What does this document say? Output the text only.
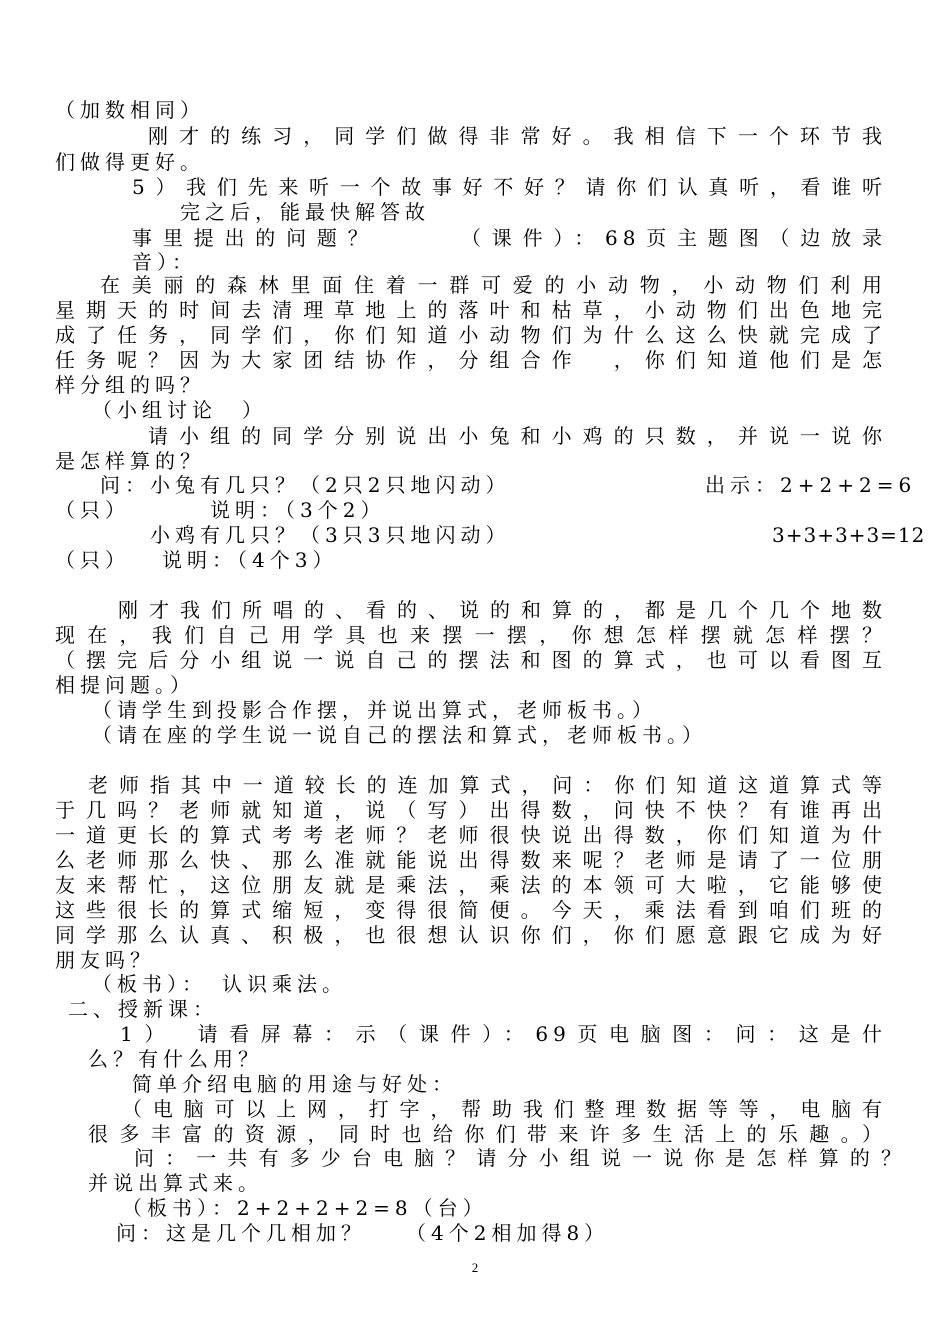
（加数相同）
刚才的练习，同学们做得非常好。我相信下一个环节我
们做得更好。
5）我们先来听一个故事好不好？请你们认真听，看谁听
完之后，能最快解答故
事里提出的问题？　　　（课件）：68页主题图（边放录
音）：
在美丽的森林里面住着一群可爱的小动物，小动物们利用
星期天的时间去清理草地上的落叶和枯草，小动物们出色地完
成了任务，同学们，你们知道小动物们为什么这么快就完成了
任务呢？因为大家团结协作，分组合作　，你们知道他们是怎
样分组的吗？
（小组讨论　）
请小组的同学分别说出小兔和小鸡的只数，并说一说你
是怎样算的？
问：小兔有几只？（2只2只地闪动）	出示：2+2+2=6
（只）	说明：（3个2）
小鸡有几只？（3只3只地闪动）	3+3+3+3=12
（只） 说明：（4个3）
刚才我们所唱的、看的、说的和算的，都是几个几个地数
现在，我们自己用学具也来摆一摆，你想怎样摆就怎样摆？
（摆完后分小组说一说自己的摆法和图的算式，也可以看图互
相提问题。）
（请学生到投影合作摆，并说出算式，老师板书。）
（请在座的学生说一说自己的摆法和算式，老师板书。）
老师指其中一道较长的连加算式，问：你们知道这道算式等
于几吗？老师就知道，说（写）出得数，问快不快？有谁再出
一道更长的算式考考老师？老师很快说出得数，你们知道为什
么老师那么快、那么准就能说出得数来呢？老师是请了一位朋
友来帮忙，这位朋友就是乘法，乘法的本领可大啦，它能够使
这些很长的算式缩短，变得很简便。今天，乘法看到咱们班的
同学那么认真、积极，也很想认识你们，你们愿意跟它成为好
朋友吗？
（板书）：　认识乘法。
二、授新课：
1）　请看屏幕：示（课件）：69页电脑图：问：这是什
么？有什么用？
简单介绍电脑的用途与好处：
（电脑可以上网，打字，帮助我们整理数据等等，电脑有
很多丰富的资源，同时也给你们带来许多生活上的乐趣。）
问：一共有多少台电脑？请分小组说一说你是怎样算的？
并说出算式来。
（板书）：2+2+2+2=8（台）
问：这是几个几相加？　　（4个2相加得8）
2
